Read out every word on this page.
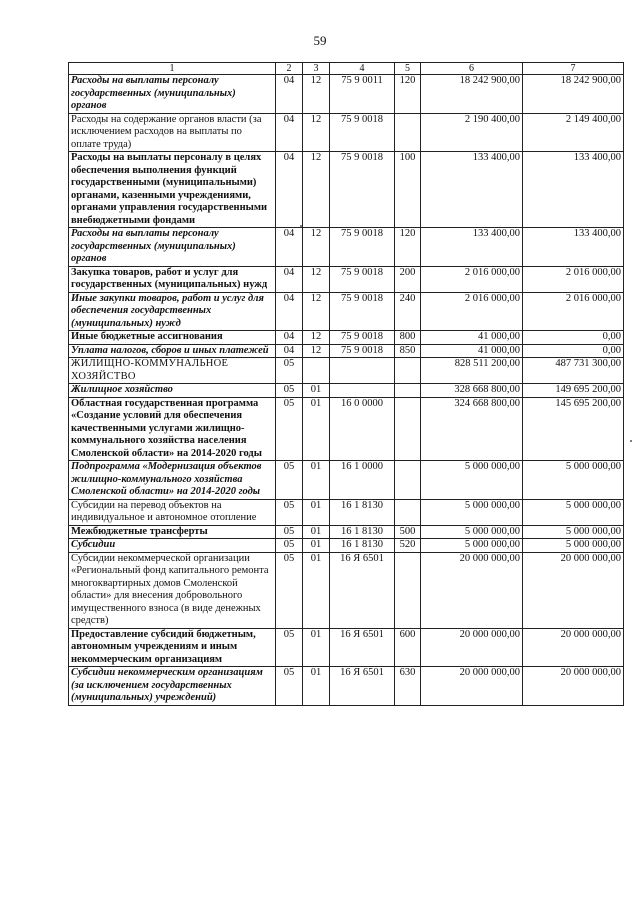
59
1	2	3	4	5	6	7
Расходы на выплаты персоналу государственных (муниципальных) органов	04	12	75 9 0011	120	18 242 900,00	18 242 900,00
Расходы на содержание органов власти (за исключением расходов на выплаты по оплате труда)	04	12	75 9 0018		2 190 400,00	2 149 400,00
Расходы на выплаты персоналу в целях обеспечения выполнения функций государственными (муниципальными) органами, казенными учреждениями, органами управления государственными внебюджетными фондами	04	12	75 9 0018	100	133 400,00	133 400,00
Расходы на выплаты персоналу государственных (муниципальных) органов	04	12	75 9 0018	120	133 400,00	133 400,00
Закупка товаров, работ и услуг для государственных (муниципальных) нужд	04	12	75 9 0018	200	2 016 000,00	2 016 000,00
Иные закупки товаров, работ и услуг для обеспечения государственных (муниципальных) нужд	04	12	75 9 0018	240	2 016 000,00	2 016 000,00
Иные бюджетные ассигнования	04	12	75 9 0018	800	41 000,00	0,00
Уплата налогов, сборов и иных платежей	04	12	75 9 0018	850	41 000,00	0,00
ЖИЛИЩНО-КОММУНАЛЬНОЕ ХОЗЯЙСТВО	05				828 511 200,00	487 731 300,00
Жилищное хозяйство	05	01			328 668 800,00	149 695 200,00
Областная государственная программа «Создание условий для обеспечения качественными услугами жилищно-коммунального хозяйства населения Смоленской области» на 2014-2020 годы	05	01	16 0 0000		324 668 800,00	145 695 200,00
Подпрограмма «Модернизация объектов жилищно-коммунального хозяйства Смоленской области» на 2014-2020 годы	05	01	16 1 0000		5 000 000,00	5 000 000,00
Субсидии на перевод объектов на индивидуальное и автономное отопление	05	01	16 1 8130		5 000 000,00	5 000 000,00
Межбюджетные трансферты	05	01	16 1 8130	500	5 000 000,00	5 000 000,00
Субсидии	05	01	16 1 8130	520	5 000 000,00	5 000 000,00
Субсидии некоммерческой организации «Региональный фонд капитального ремонта многоквартирных домов Смоленской области» для внесения добровольного имущественного взноса (в виде денежных средств)	05	01	16 Я 6501		20 000 000,00	20 000 000,00
Предоставление субсидий бюджетным, автономным учреждениям и иным некоммерческим организациям	05	01	16 Я 6501	600	20 000 000,00	20 000 000,00
Субсидии некоммерческим организациям (за исключением государственных (муниципальных) учреждений)	05	01	16 Я 6501	630	20 000 000,00	20 000 000,00
